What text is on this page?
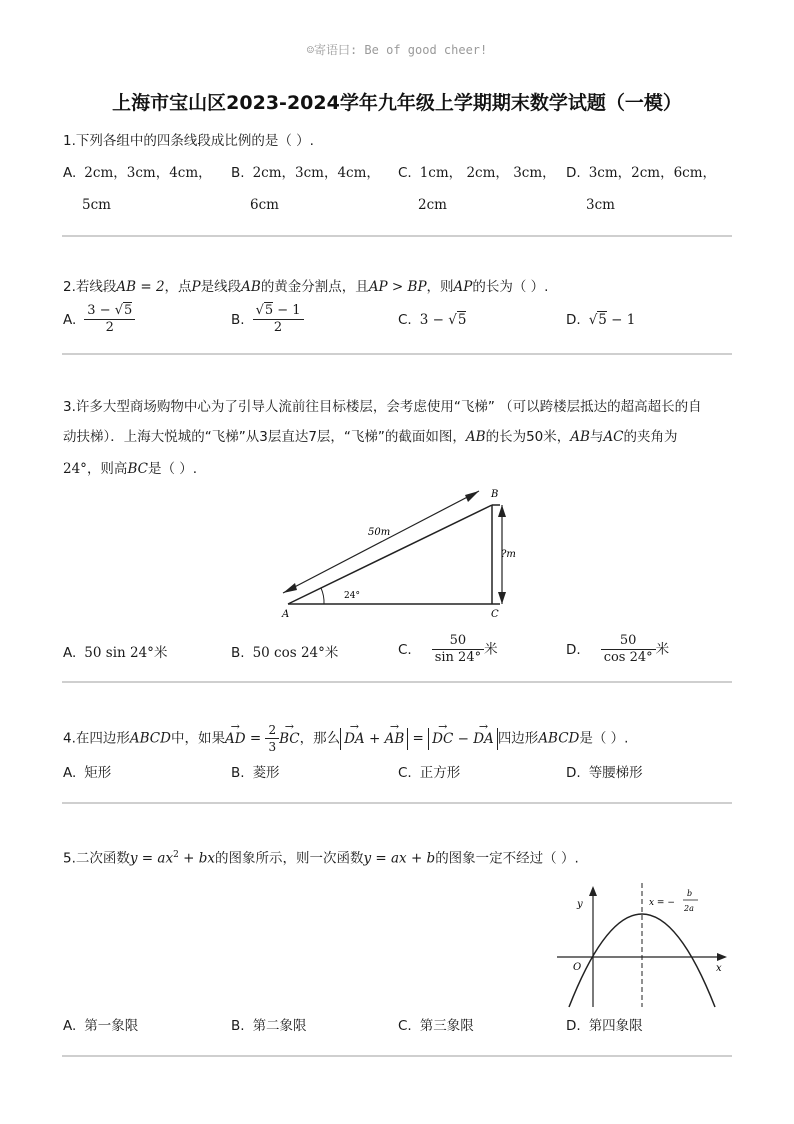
☺寄语曰: Be of good cheer!
上海市宝山区2023-2024学年九年级上学期期末数学试题（一模）
1.下列各组中的四条线段成比例的是（ ）.
A. 2cm，3cm，4cm，
5cm
B. 2cm，3cm，4cm，
6cm
C. 1cm， 2cm， 3cm，
2cm
D. 3cm，2cm，6cm，
3cm
2.若线段AB = 2，点P是线段AB的黄金分割点，且AP > BP，则AP的长为（ ）.
A. $\frac{3 - √5}{2}$	B. $\frac{√5 - 1}{2}$	C. 3 − √5	D. √5 − 1
3.许多大型商场购物中心为了引导人流前往目标楼层，会考虑使用“飞梯” （可以跨楼层抵达的超高超长的自
动扶梯）．上海大悦城的“飞梯”从3层直达7层，“飞梯”的截面如图，AB的长为50米，AB与AC的夹角为
24°，则高BC是（ ）.
A
B
C
50m
?m
24°
A. 50 sin 24°米	B. 50 cos 24°米	C. $\frac{50}{\sin 24^\circ}$ 米	D. $\frac{50}{\cos 24^\circ}$ 米
4.在四边形ABCD中，如果→ AD = $\frac{2}{3}$ → BC，那么 → DA + → AB = → DC − → DA 四边形ABCD是（ ）.
A. 矩形	B. 菱形	C. 正方形	D. 等腰梯形
5.二次函数$y = ax^2$ + bx的图象所示，则一次函数y = ax + b的图象一定不经过（ ）.
y
x
O
x = −
b
2a
A. 第一象限	B. 第二象限	C. 第三象限	D. 第四象限
